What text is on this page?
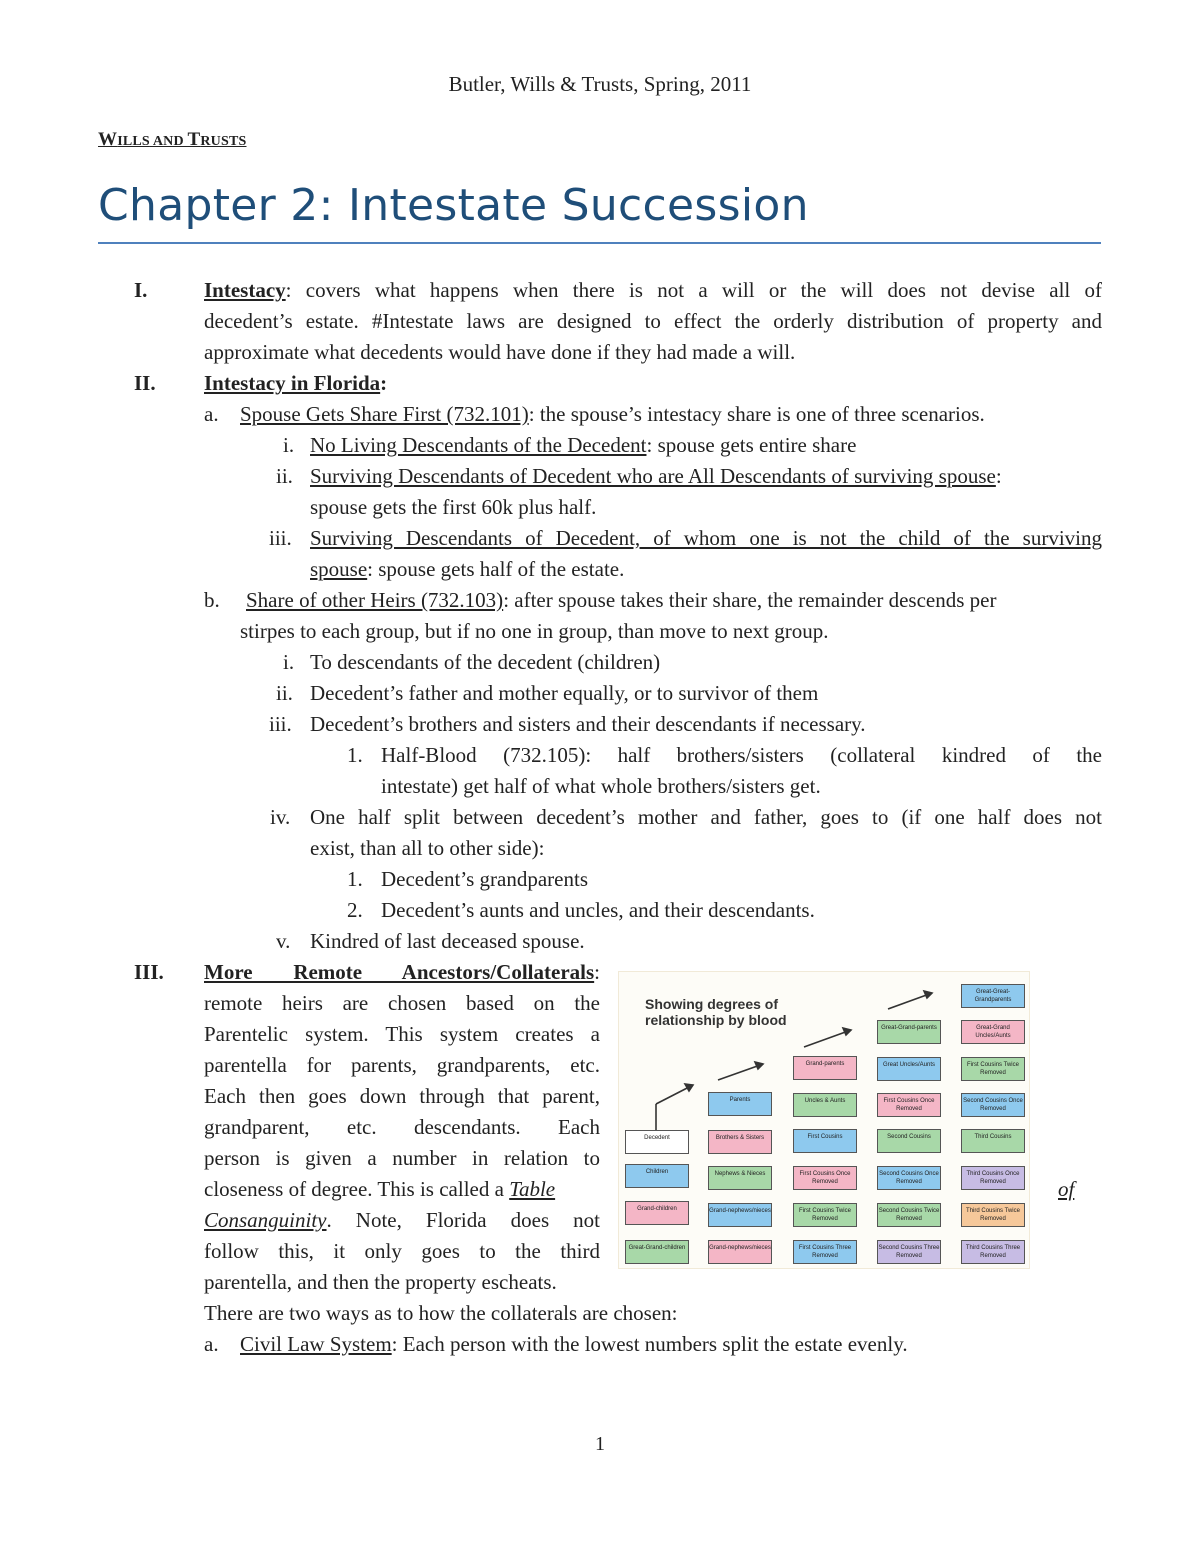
Butler, Wills & Trusts, Spring, 2011
WILLS AND TRUSTS
Chapter 2: Intestate Succession
I.	Intestacy: covers what happens when there is not a will or the will does not devise all of
decedent’s estate. #Intestate laws are designed to effect the orderly distribution of property and
approximate what decedents would have done if they had made a will.
II. Intestacy in Florida:
a. Spouse Gets Share First (732.101): the spouse’s intestacy share is one of three scenarios.
i. No Living Descendants of the Decedent: spouse gets entire share
ii. Surviving Descendants of Decedent who are All Descendants of surviving spouse:
spouse gets the first 60k plus half.
iii. Surviving Descendants of Decedent, of whom one is not the child of the surviving
spouse: spouse gets half of the estate.
b. Share of other Heirs (732.103): after spouse takes their share, the remainder descends per
stirpes to each group, but if no one in group, than move to next group.
i. To descendants of the decedent (children)
ii. Decedent’s father and mother equally, or to survivor of them
iii. Decedent’s brothers and sisters and their descendants if necessary.
1. Half-Blood (732.105): half brothers/sisters (collateral kindred of the
intestate) get half of what whole brothers/sisters get.
iv. One half split between decedent’s mother and father, goes to (if one half does not
exist, than all to other side):
1. Decedent’s grandparents
2. Decedent’s aunts and uncles, and their descendants.
v. Kindred of last deceased spouse.
III. More Remote Ancestors/Collaterals:
remote heirs are chosen based on the
Parentelic system. This system creates a
parentella for parents, grandparents, etc.
Each then goes down through that parent,
grandparent, etc. descendants. Each
person is given a number in relation to
closeness of degree. This is called a Table	of
Consanguinity. Note, Florida does not
follow this, it only goes to the third
parentella, and then the property escheats.
There are two ways as to how the collaterals are chosen:
a. Civil Law System: Each person with the lowest numbers split the estate evenly.
Showing degrees of relationship by blood
Decedent
Children
Grand-children
Great-Grand-children
Parents
Brothers & Sisters
Nephews & Nieces
Grand-nephews/nieces
Grand-nephews/nieces
Grand-parents
Uncles & Aunts
First Cousins
First Cousins Once Removed
First Cousins Twice Removed
First Cousins Three Removed
Great-Grand-parents
Great Uncles/Aunts
First Cousins Once Removed
Second Cousins
Second Cousins Once Removed
Second Cousins Twice Removed
Second Cousins Three Removed
Great-Great-Grandparents
Great-Grand Uncles/Aunts
First Cousins Twice Removed
Second Cousins Once Removed
Third Cousins
Third Cousins Once Removed
Third Cousins Twice Removed
Third Cousins Three Removed
1
